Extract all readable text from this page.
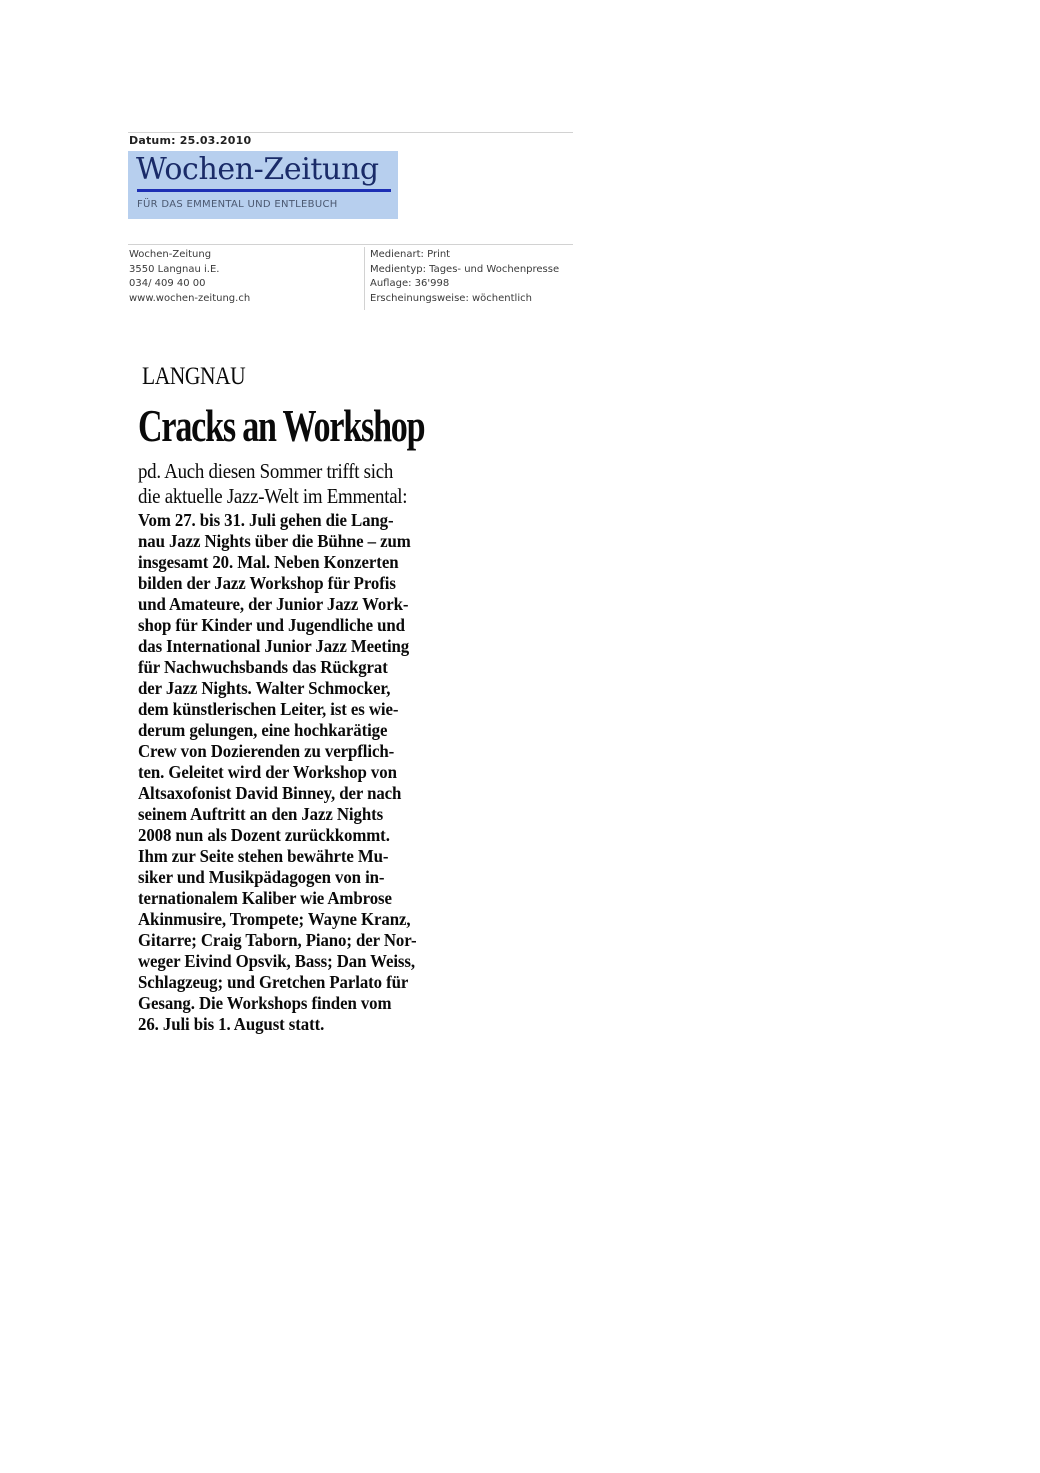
Datum: 25.03.2010
Wochen-Zeitung
FÜR DAS EMMENTAL UND ENTLEBUCH
Wochen-Zeitung
3550 Langnau i.E.
034/ 409 40 00
www.wochen-zeitung.ch
Medienart: Print
Medientyp: Tages- und Wochenpresse
Auflage: 36'998
Erscheinungsweise: wöchentlich
LANGNAU
Cracks an Workshop
pd. Auch diesen Sommer trifft sich
die aktuelle Jazz-Welt im Emmental:
Vom 27. bis 31. Juli gehen die Lang-
nau Jazz Nights über die Bühne – zum
insgesamt 20. Mal. Neben Konzerten
bilden der Jazz Workshop für Profis
und Amateure, der Junior Jazz Work-
shop für Kinder und Jugendliche und
das International Junior Jazz Meeting
für Nachwuchsbands das Rückgrat
der Jazz Nights. Walter Schmocker,
dem künstlerischen Leiter, ist es wie-
derum gelungen, eine hochkarätige
Crew von Dozierenden zu verpflich-
ten. Geleitet wird der Workshop von
Altsaxofonist David Binney, der nach
seinem Auftritt an den Jazz Nights
2008 nun als Dozent zurückkommt.
Ihm zur Seite stehen bewährte Mu-
siker und Musikpädagogen von in-
ternationalem Kaliber wie Ambrose
Akinmusire, Trompete; Wayne Kranz,
Gitarre; Craig Taborn, Piano; der Nor-
weger Eivind Opsvik, Bass; Dan Weiss,
Schlagzeug; und Gretchen Parlato für
Gesang. Die Workshops finden vom
26. Juli bis 1. August statt.
